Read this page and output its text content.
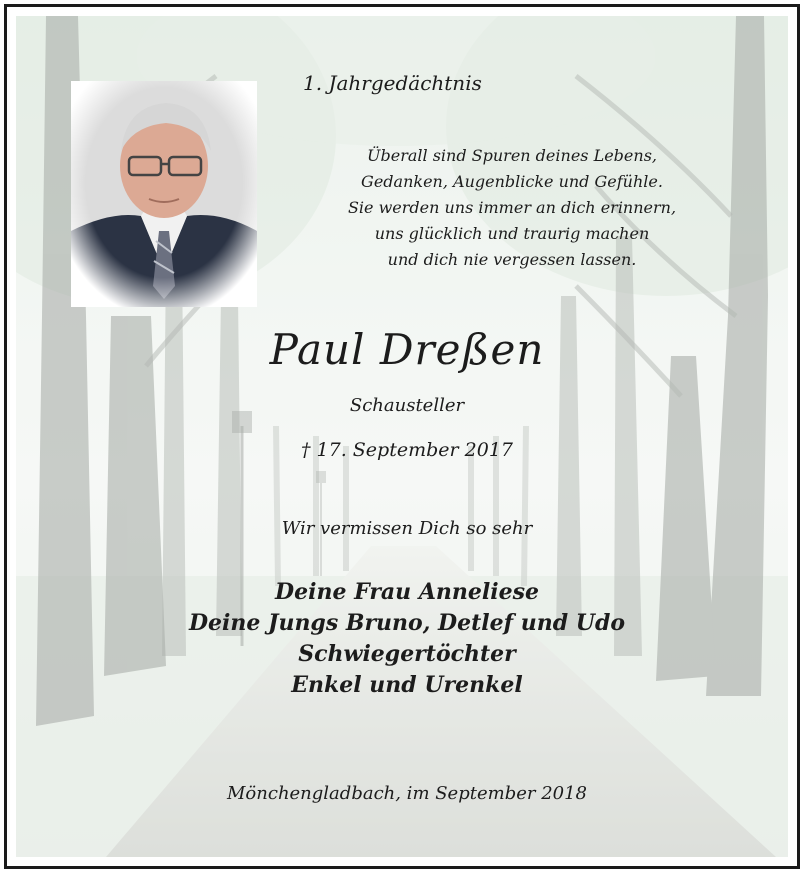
1. Jahrgedächtnis
Überall sind Spuren deines Lebens,
Gedanken, Augenblicke und Gefühle.
Sie werden uns immer an dich erinnern,
uns glücklich und traurig machen
und dich nie vergessen lassen.
Paul Dreßen
Schausteller
† 17. September 2017
Wir vermissen Dich so sehr
Deine Frau Anneliese
Deine Jungs Bruno, Detlef und Udo
Schwiegertöchter
Enkel und Urenkel
Mönchengladbach, im September 2018
